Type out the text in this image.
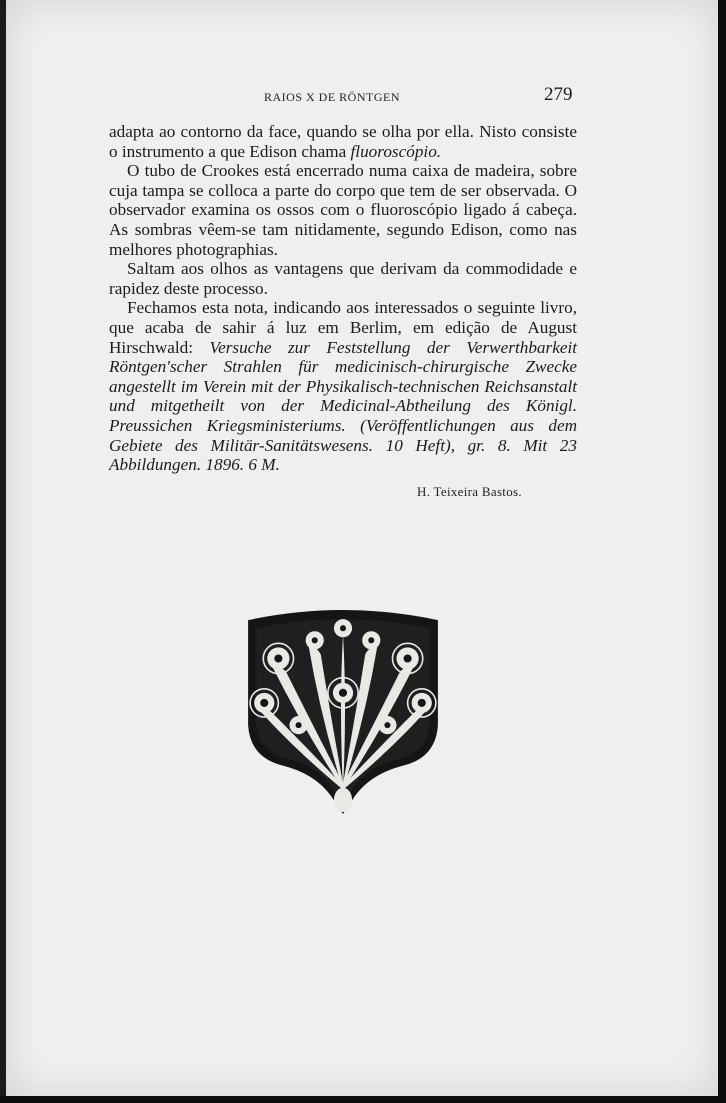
RAIOS X DE RÖNTGEN	279

adapta ao contorno da face, quando se olha por ella. Nisto consiste o instrumento a que Edison chama fluoroscópio.

O tubo de Crookes está encerrado numa caixa de madeira, sobre cuja tampa se colloca a parte do corpo que tem de ser observada. O observador examina os ossos com o fluoroscópio ligado á cabeça. As sombras vêem-se tam nitidamente, segundo Edison, como nas melhores photographias.

Saltam aos olhos as vantagens que derivam da commodidade e rapidez deste processo.

Fechamos esta nota, indicando aos interessados o seguinte livro, que acaba de sahir á luz em Berlim, em edição de August Hirschwald: Versuche zur Feststellung der Verwerthbarkeit Röntgen'scher Strahlen für medicinisch-chirurgische Zwecke angestellt im Verein mit der Physikalisch-technischen Reichsanstalt und mitgetheilt von der Medicinal-Abtheilung des Königl. Preussichen Kriegsministeriums. (Veröffentlichungen aus dem Gebiete des Militär-Sanitätswesens. 10 Heft), gr. 8. Mit 23 Abbildungen. 1896. 6 M.

H. Teixeira Bastos.
